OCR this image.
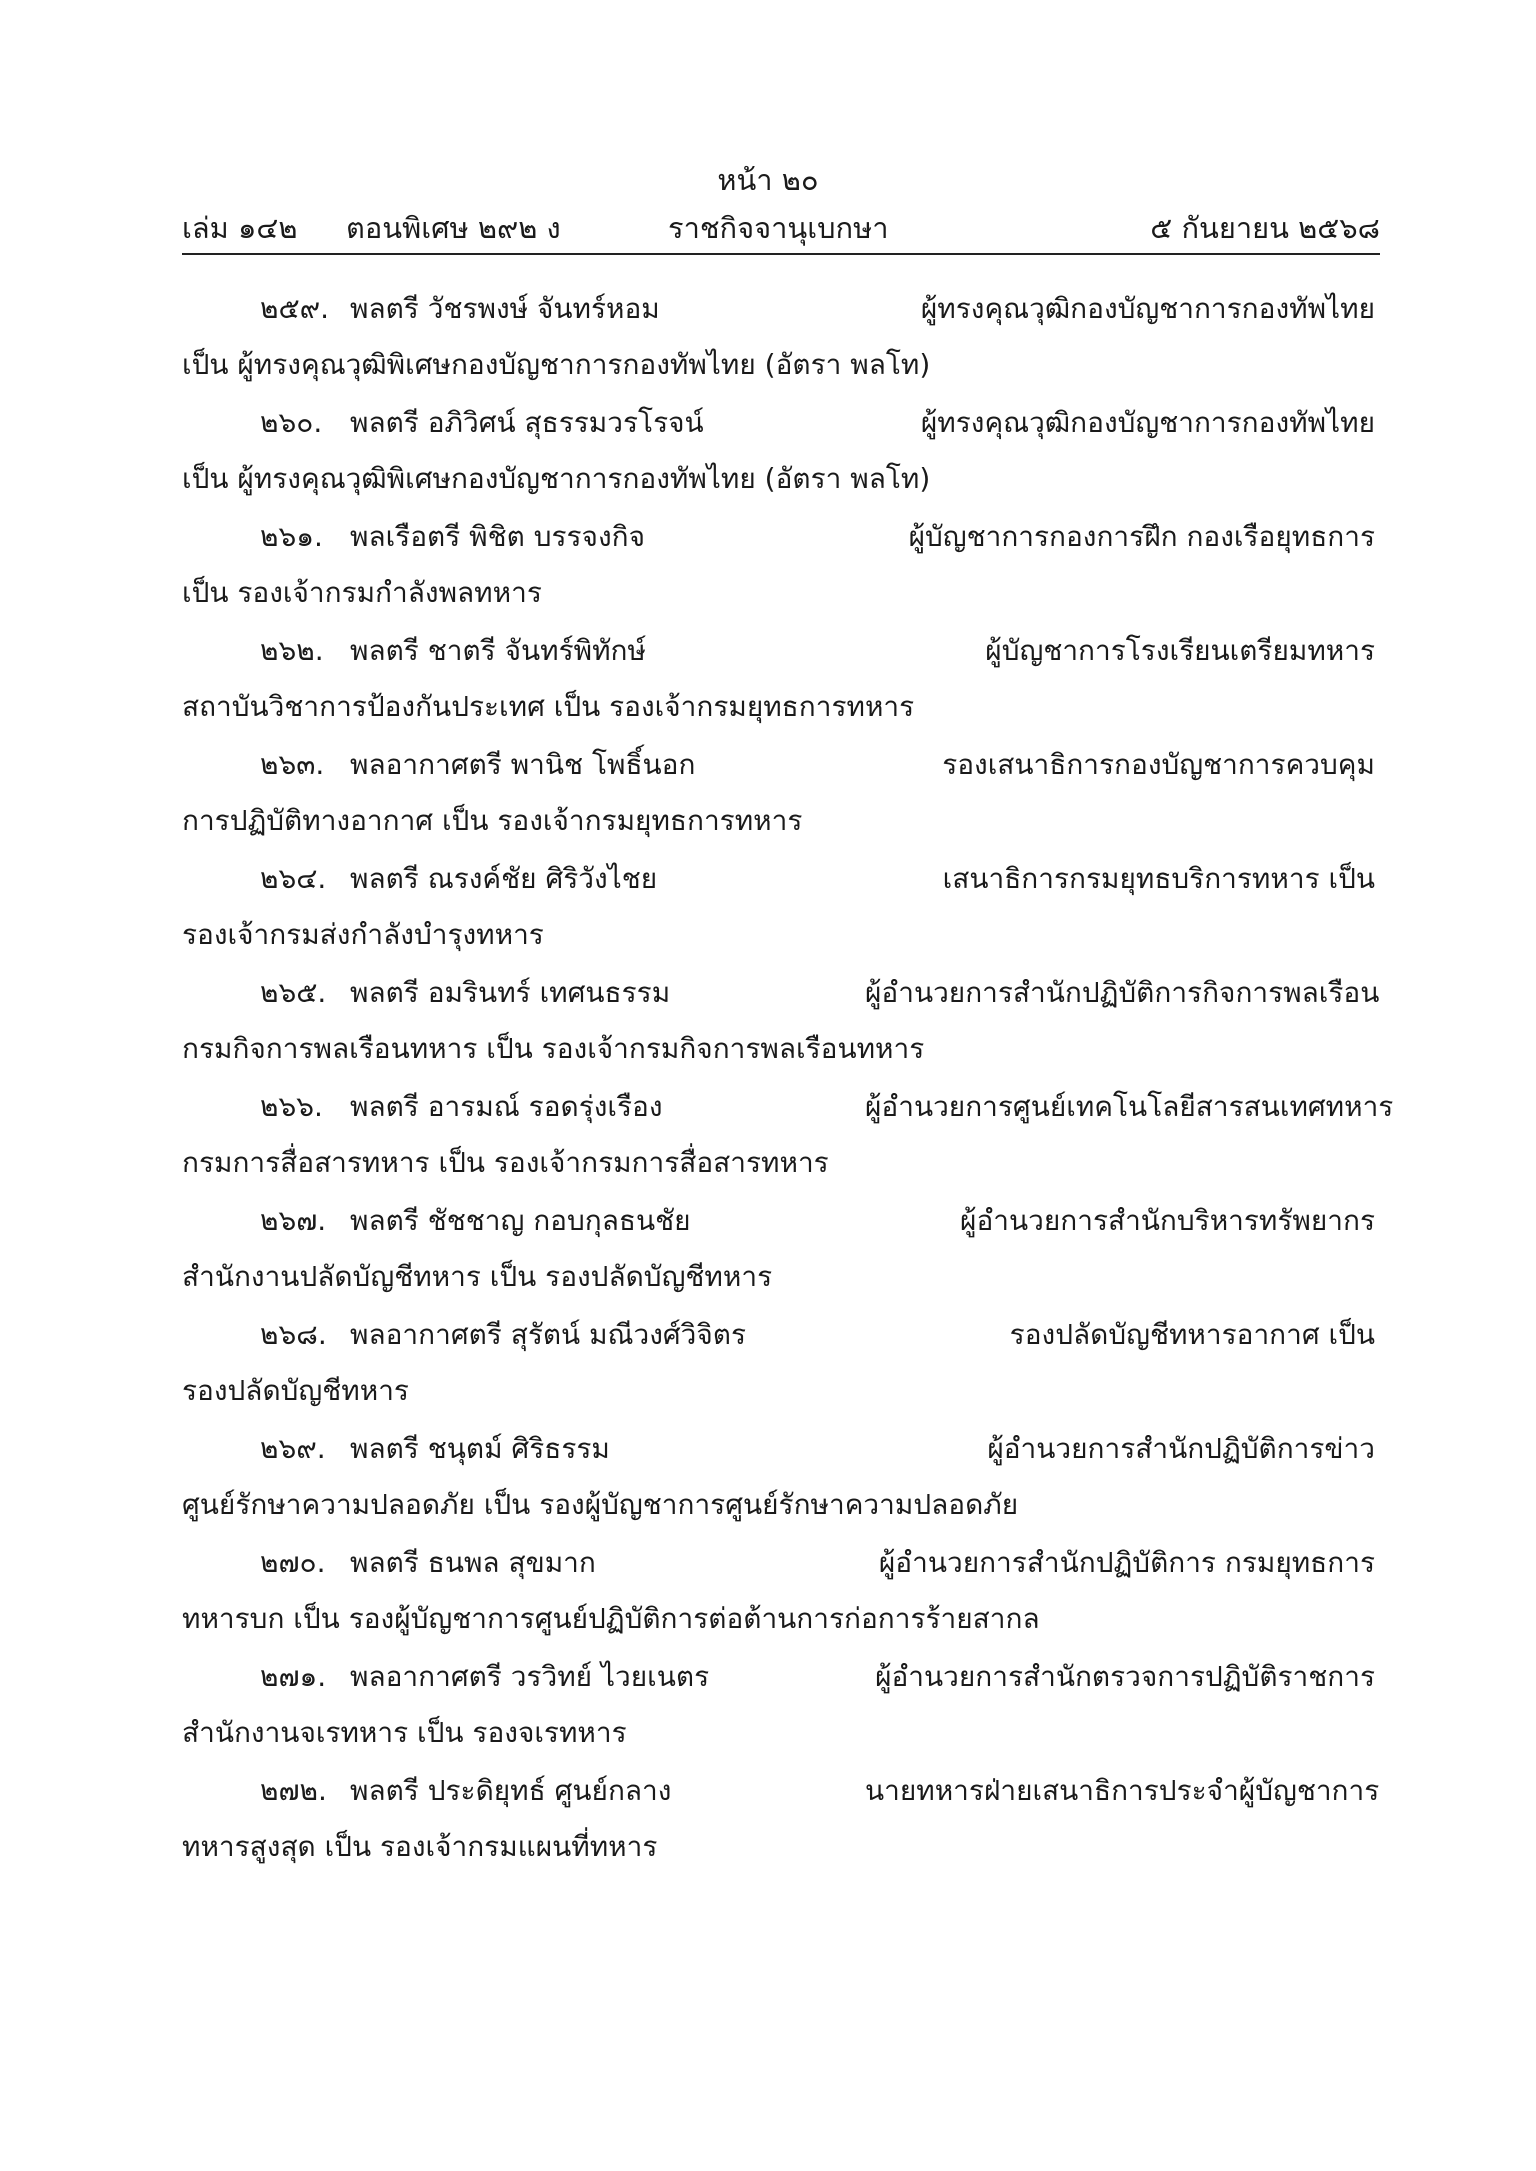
หน้า ๒๐
เล่ม ๑๔๒ ตอนพิเศษ ๒๙๒ ง	ราชกิจจานุเบกษา	๕ กันยายน ๒๕๖๘
๒๕๙. พลตรี วัชรพงษ์ จันทร์หอม	ผู้ทรงคุณวุฒิกองบัญชาการกองทัพไทย
เป็น ผู้ทรงคุณวุฒิพิเศษกองบัญชาการกองทัพไทย (อัตรา พลโท)
๒๖๐. พลตรี อภิวิศน์ สุธรรมวรโรจน์	ผู้ทรงคุณวุฒิกองบัญชาการกองทัพไทย
เป็น ผู้ทรงคุณวุฒิพิเศษกองบัญชาการกองทัพไทย (อัตรา พลโท)
๒๖๑. พลเรือตรี พิชิต บรรจงกิจ	ผู้บัญชาการกองการฝึก กองเรือยุทธการ
เป็น รองเจ้ากรมกำลังพลทหาร
๒๖๒. พลตรี ชาตรี จันทร์พิทักษ์	ผู้บัญชาการโรงเรียนเตรียมทหาร
สถาบันวิชาการป้องกันประเทศ เป็น รองเจ้ากรมยุทธการทหาร
๒๖๓. พลอากาศตรี พานิช โพธิ์นอก	รองเสนาธิการกองบัญชาการควบคุม
การปฏิบัติทางอากาศ เป็น รองเจ้ากรมยุทธการทหาร
๒๖๔. พลตรี ณรงค์ชัย ศิริวังไชย	เสนาธิการกรมยุทธบริการทหาร เป็น
รองเจ้ากรมส่งกำลังบำรุงทหาร
๒๖๕. พลตรี อมรินทร์ เทศนธรรม	ผู้อำนวยการสำนักปฏิบัติการกิจการพลเรือน
กรมกิจการพลเรือนทหาร เป็น รองเจ้ากรมกิจการพลเรือนทหาร
๒๖๖. พลตรี อารมณ์ รอดรุ่งเรือง	ผู้อำนวยการศูนย์เทคโนโลยีสารสนเทศทหาร
กรมการสื่อสารทหาร เป็น รองเจ้ากรมการสื่อสารทหาร
๒๖๗. พลตรี ชัชชาญ กอบกุลธนชัย	ผู้อำนวยการสำนักบริหารทรัพยากร
สำนักงานปลัดบัญชีทหาร เป็น รองปลัดบัญชีทหาร
๒๖๘. พลอากาศตรี สุรัตน์ มณีวงศ์วิจิตร	รองปลัดบัญชีทหารอากาศ เป็น
รองปลัดบัญชีทหาร
๒๖๙. พลตรี ชนุตม์ ศิริธรรม	ผู้อำนวยการสำนักปฏิบัติการข่าว
ศูนย์รักษาความปลอดภัย เป็น รองผู้บัญชาการศูนย์รักษาความปลอดภัย
๒๗๐. พลตรี ธนพล สุขมาก	ผู้อำนวยการสำนักปฏิบัติการ กรมยุทธการ
ทหารบก เป็น รองผู้บัญชาการศูนย์ปฏิบัติการต่อต้านการก่อการร้ายสากล
๒๗๑. พลอากาศตรี วรวิทย์ ไวยเนตร	ผู้อำนวยการสำนักตรวจการปฏิบัติราชการ
สำนักงานจเรทหาร เป็น รองจเรทหาร
๒๗๒. พลตรี ประดิยุทธ์ ศูนย์กลาง	นายทหารฝ่ายเสนาธิการประจำผู้บัญชาการ
ทหารสูงสุด เป็น รองเจ้ากรมแผนที่ทหาร
